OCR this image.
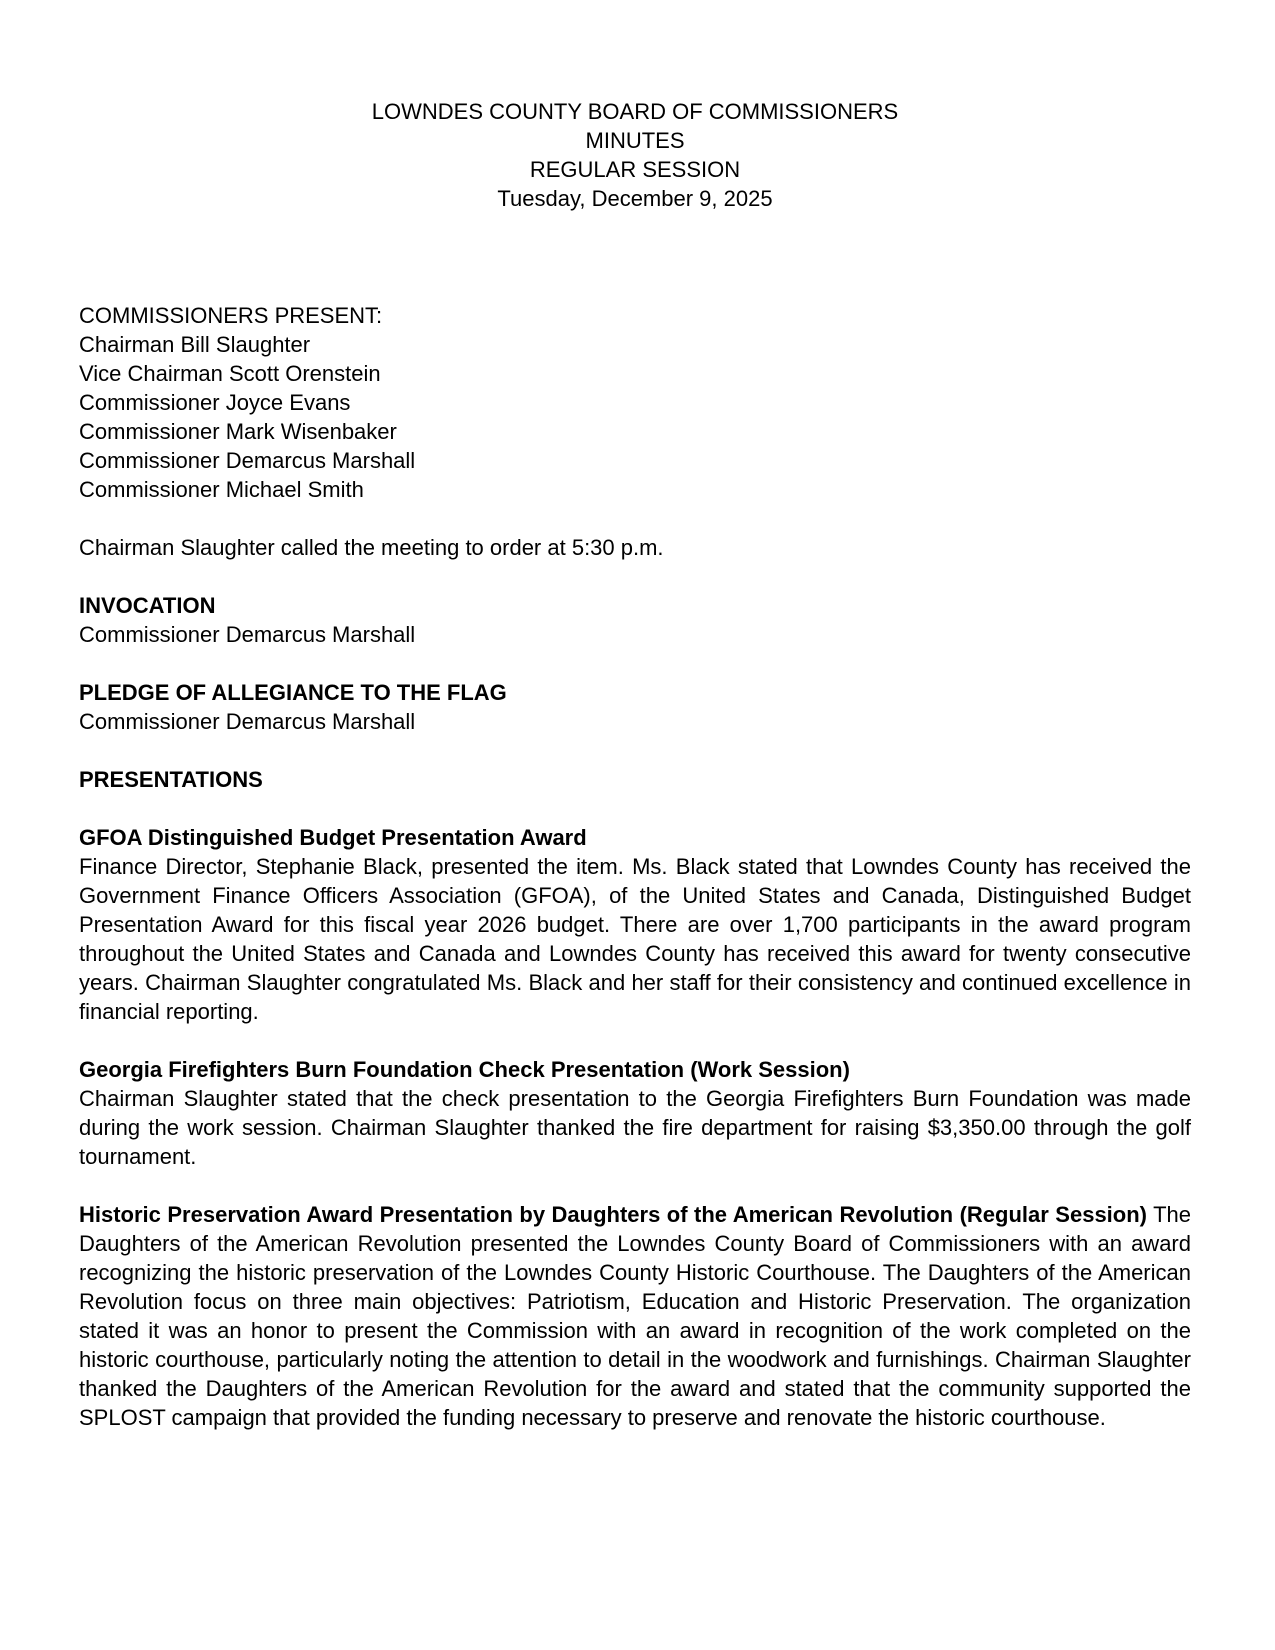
LOWNDES COUNTY BOARD OF COMMISSIONERS
MINUTES
REGULAR SESSION
Tuesday, December 9, 2025
COMMISSIONERS PRESENT:
Chairman Bill Slaughter
Vice Chairman Scott Orenstein
Commissioner Joyce Evans
Commissioner Mark Wisenbaker
Commissioner Demarcus Marshall
Commissioner Michael Smith
Chairman Slaughter called the meeting to order at 5:30 p.m.
INVOCATION
Commissioner Demarcus Marshall
PLEDGE OF ALLEGIANCE TO THE FLAG
Commissioner Demarcus Marshall
PRESENTATIONS
GFOA Distinguished Budget Presentation Award
Finance Director, Stephanie Black, presented the item. Ms. Black stated that Lowndes County has received the Government Finance Officers Association (GFOA), of the United States and Canada, Distinguished Budget Presentation Award for this fiscal year 2026 budget. There are over 1,700 participants in the award program throughout the United States and Canada and Lowndes County has received this award for twenty consecutive years. Chairman Slaughter congratulated Ms. Black and her staff for their consistency and continued excellence in financial reporting.
Georgia Firefighters Burn Foundation Check Presentation (Work Session)
Chairman Slaughter stated that the check presentation to the Georgia Firefighters Burn Foundation was made during the work session. Chairman Slaughter thanked the fire department for raising $3,350.00 through the golf tournament.
Historic Preservation Award Presentation by Daughters of the American Revolution (Regular Session) The Daughters of the American Revolution presented the Lowndes County Board of Commissioners with an award recognizing the historic preservation of the Lowndes County Historic Courthouse. The Daughters of the American Revolution focus on three main objectives: Patriotism, Education and Historic Preservation. The organization stated it was an honor to present the Commission with an award in recognition of the work completed on the historic courthouse, particularly noting the attention to detail in the woodwork and furnishings. Chairman Slaughter thanked the Daughters of the American Revolution for the award and stated that the community supported the SPLOST campaign that provided the funding necessary to preserve and renovate the historic courthouse.
